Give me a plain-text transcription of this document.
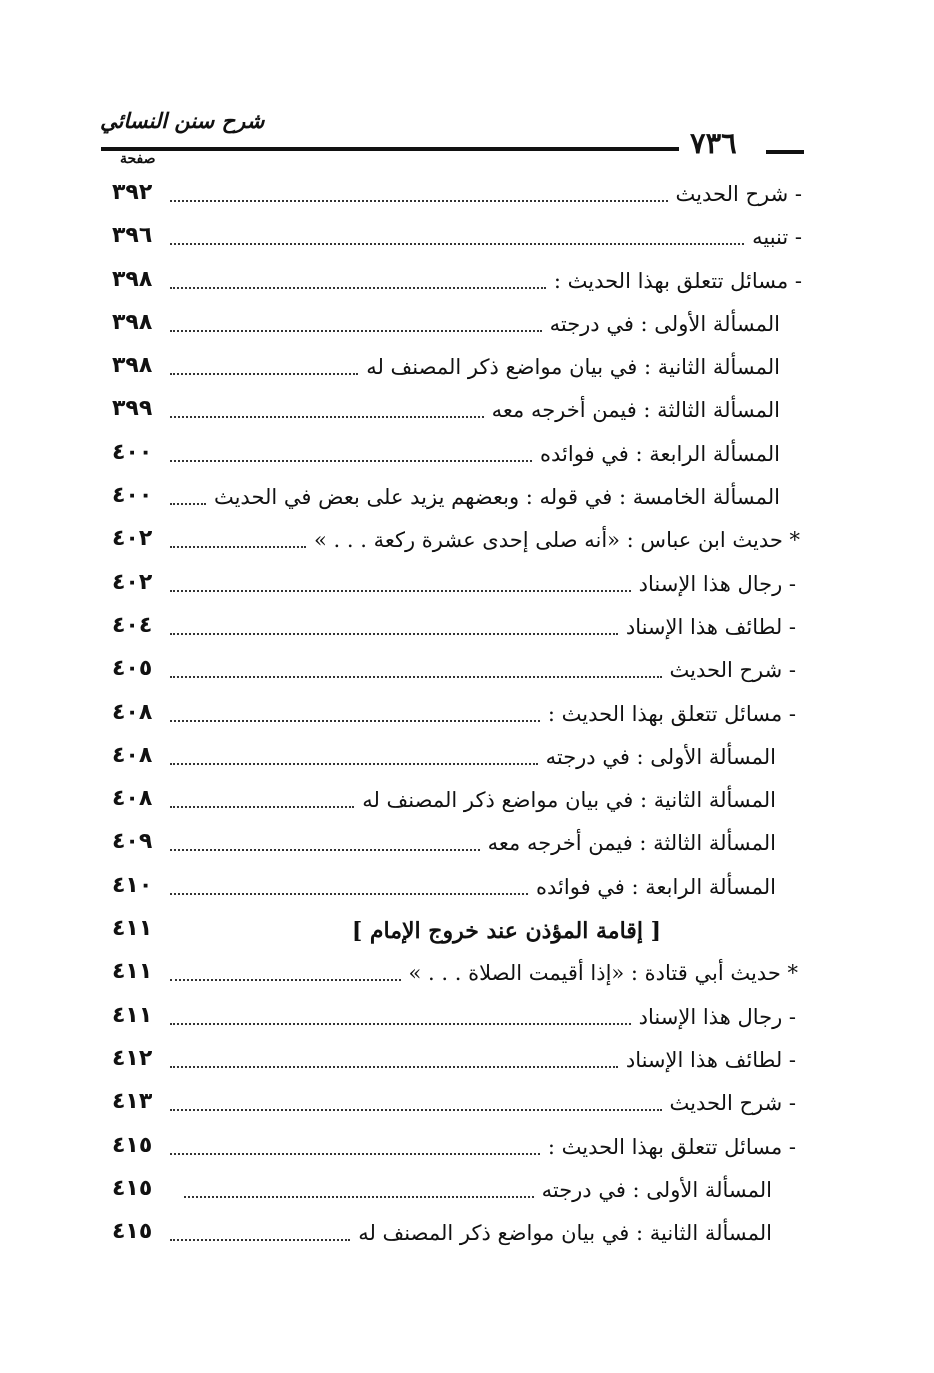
شرح سنن النسائي
٧٣٦
صفحة
- شرح الحديث
٣٩٢
- تنبيه
٣٩٦
- مسائل تتعلق بهذا الحديث :
٣٩٨
المسألة الأولى : في درجته
٣٩٨
المسألة الثانية : في بيان مواضع ذكر المصنف له
٣٩٨
المسألة الثالثة : فيمن أخرجه معه
٣٩٩
المسألة الرابعة : في فوائده
٤٠٠
المسألة الخامسة : في قوله : وبعضهم يزيد على بعض في الحديث
٤٠٠
* حديث ابن عباس : «أنه صلى إحدى عشرة ركعة . . . »
٤٠٢
- رجال هذا الإسناد
٤٠٢
- لطائف هذا الإسناد
٤٠٤
- شرح الحديث
٤٠٥
- مسائل تتعلق بهذا الحديث :
٤٠٨
المسألة الأولى : في درجته
٤٠٨
المسألة الثانية : في بيان مواضع ذكر المصنف له
٤٠٨
المسألة الثالثة : فيمن أخرجه معه
٤٠٩
المسألة الرابعة : في فوائده
٤١٠
[ إقامة المؤذن عند خروج الإمام ]
٤١١
* حديث أبي قتادة : «إذا أقيمت الصلاة . . . »
٤١١
- رجال هذا الإسناد
٤١١
- لطائف هذا الإسناد
٤١٢
- شرح الحديث
٤١٣
- مسائل تتعلق بهذا الحديث :
٤١٥
المسألة الأولى : في درجته
٤١٥
المسألة الثانية : في بيان مواضع ذكر المصنف له
٤١٥
